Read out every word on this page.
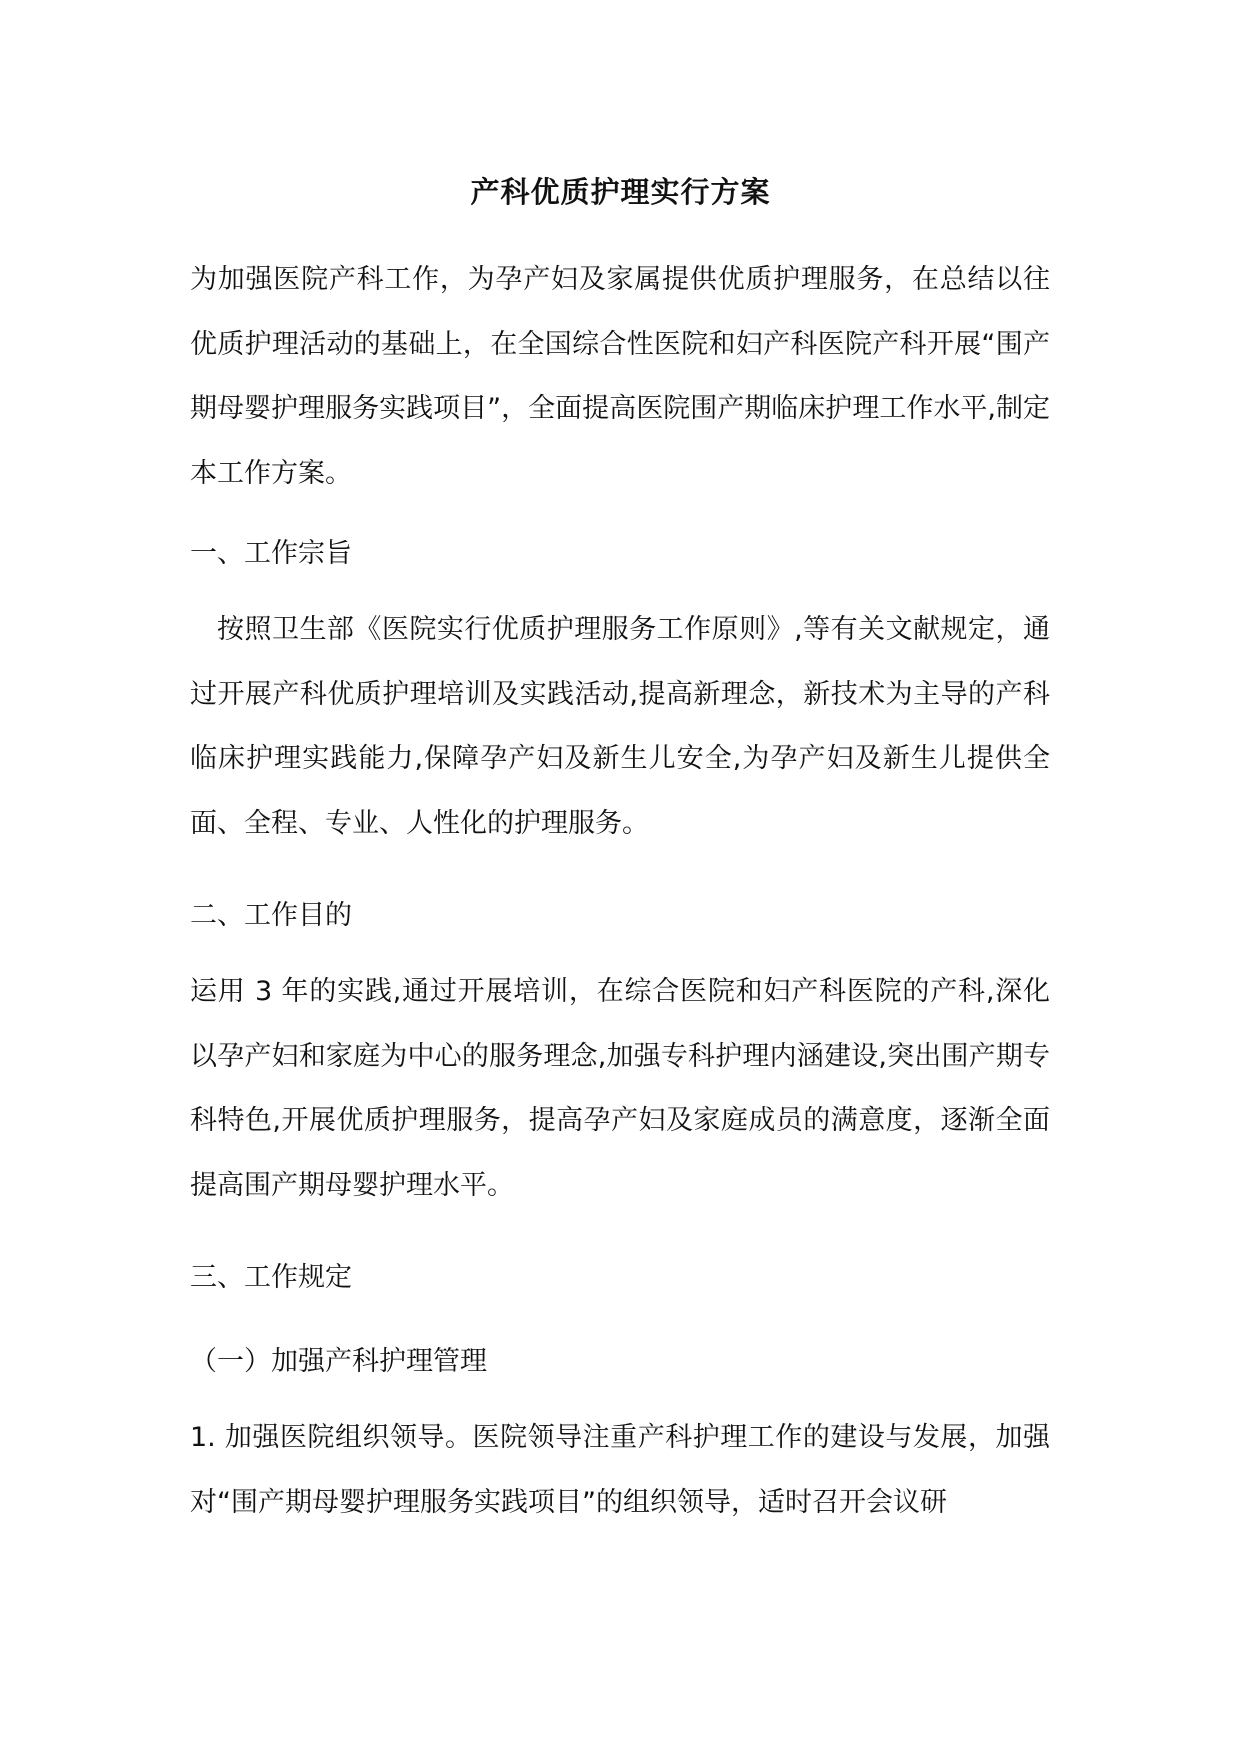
产科优质护理实行方案

为加强医院产科工作，为孕产妇及家属提供优质护理服务，在总结以往优质护理活动的基础上，在全国综合性医院和妇产科医院产科开展“围产期母婴护理服务实践项目”，全面提高医院围产期临床护理工作水平,制定本工作方案。

一、工作宗旨

按照卫生部《医院实行优质护理服务工作原则》,等有关文献规定，通过开展产科优质护理培训及实践活动,提高新理念，新技术为主导的产科临床护理实践能力,保障孕产妇及新生儿安全,为孕产妇及新生儿提供全面、全程、专业、人性化的护理服务。

二、工作目的

运用 3 年的实践,通过开展培训，在综合医院和妇产科医院的产科,深化以孕产妇和家庭为中心的服务理念,加强专科护理内涵建设,突出围产期专科特色,开展优质护理服务，提高孕产妇及家庭成员的满意度，逐渐全面提高围产期母婴护理水平。

三、工作规定

（一）加强产科护理管理

1. 加强医院组织领导。医院领导注重产科护理工作的建设与发展，加强对“围产期母婴护理服务实践项目”的组织领导，适时召开会议研
